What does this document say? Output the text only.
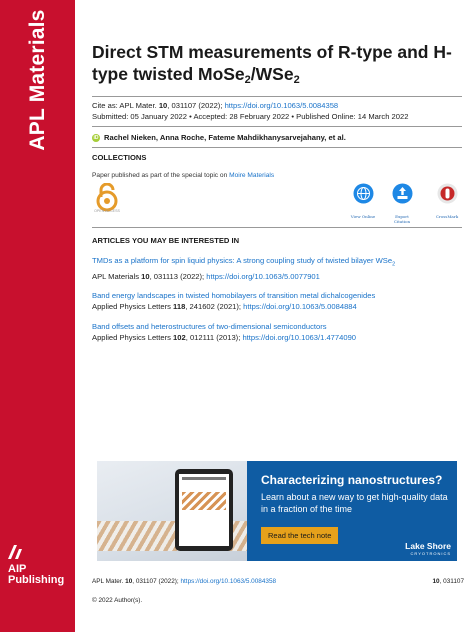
APL Materials
AIP
Publishing
Direct STM measurements of R-type and H-type twisted MoSe$_2$/WSe$_2$
Cite as: APL Mater. 10, 031107 (2022); https://doi.org/10.1063/5.0084358
Submitted: 05 January 2022 • Accepted: 28 February 2022 • Published Online: 14 March 2022
iD Rachel Nieken, Anna Roche, Fateme Mahdikhanysarvejahany, et al.
COLLECTIONS
Paper published as part of the special topic on Moire Materials
OPEN ACCESS
View Online	Export Citation
CrossMark
ARTICLES YOU MAY BE INTERESTED IN
TMDs as a platform for spin liquid physics: A strong coupling study of twisted bilayer WSe$_2$
APL Materials 10, 031113 (2022); https://doi.org/10.1063/5.0077901
Band energy landscapes in twisted homobilayers of transition metal dichalcogenides
Applied Physics Letters 118, 241602 (2021); https://doi.org/10.1063/5.0084884
Band offsets and heterostructures of two-dimensional semiconductors
Applied Physics Letters 102, 012111 (2013); https://doi.org/10.1063/1.4774090
Characterizing nanostructures?
Learn about a new way to get high-quality data in a fraction of the time
Read the tech note
Lake Shore
CRYOTRONICS
APL Mater. 10, 031107 (2022); https://doi.org/10.1063/5.0084358	10, 031107
© 2022 Author(s).
